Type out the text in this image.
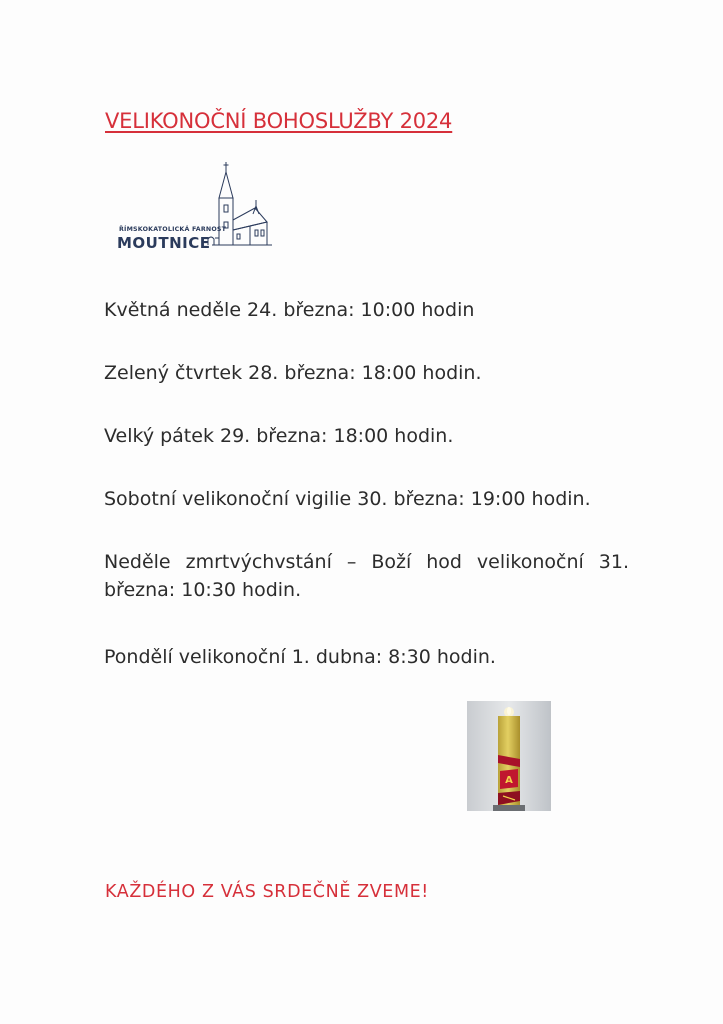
VELIKONOČNÍ BOHOSLUŽBY 2024
ŘÍMSKOKATOLICKÁ FARNOST
MOUTNICE

Květná neděle 24. března: 10:00 hodin

Zelený čtvrtek 28. března: 18:00 hodin.

Velký pátek 29. března: 18:00 hodin.

Sobotní velikonoční vigilie 30. března: 19:00 hodin.

Neděle zmrtvýchvstání – Boží hod velikonoční 31. března: 10:30 hodin.

Pondělí velikonoční 1. dubna: 8:30 hodin.

A
KAŽDÉHO Z VÁS SRDEČNĚ ZVEME!
